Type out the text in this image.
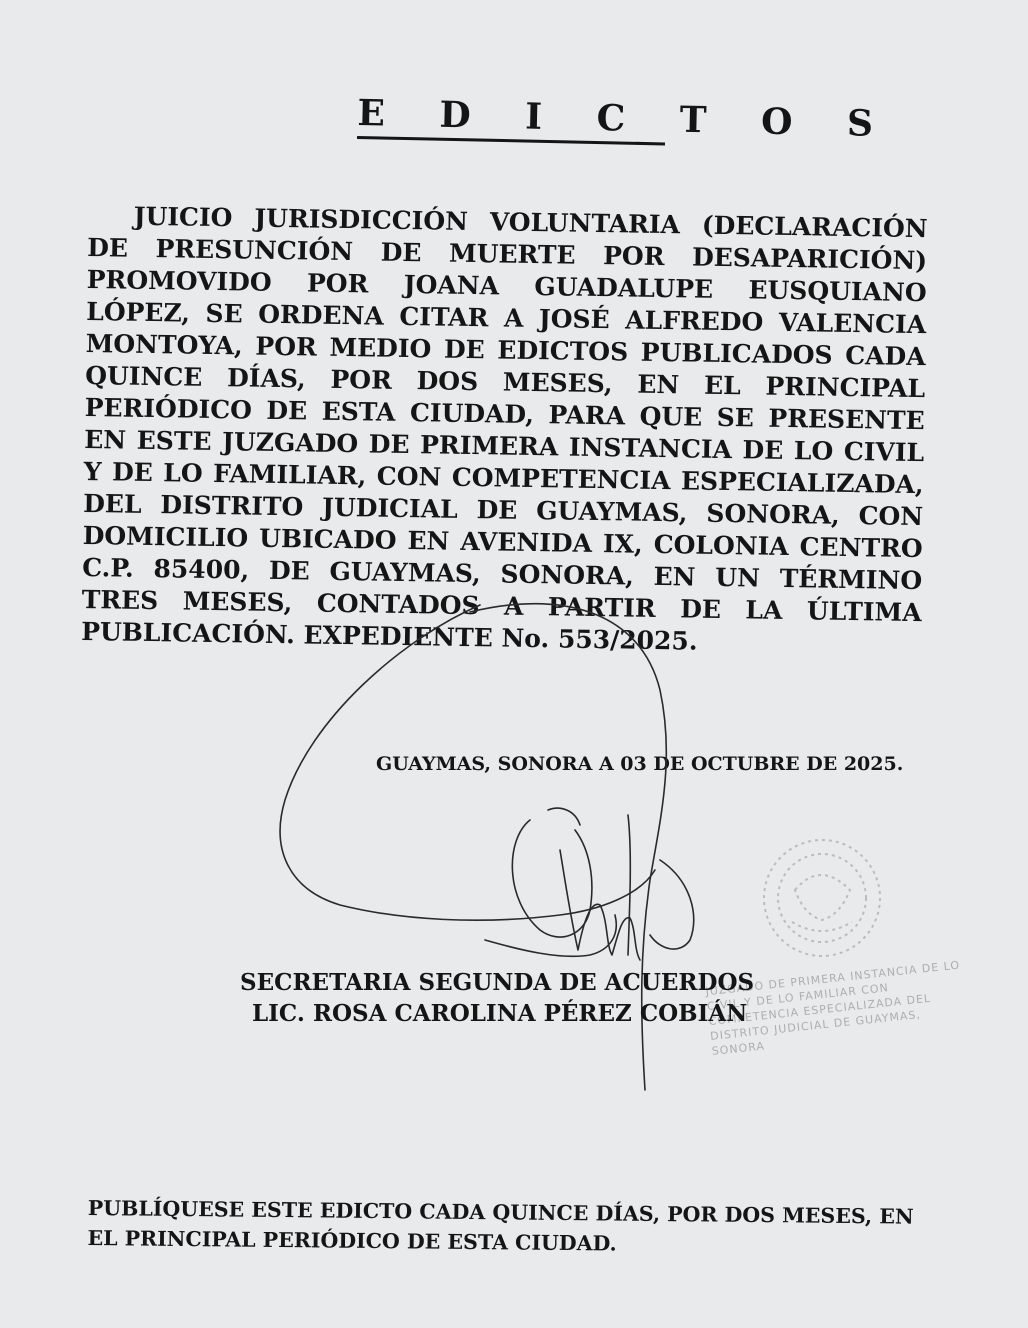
E D I C T O S
JUICIO JURISDICCIÓN VOLUNTARIA (DECLARACIÓN DE PRESUNCIÓN DE MUERTE POR DESAPARICIÓN) PROMOVIDO POR JOANA GUADALUPE EUSQUIANO LÓPEZ, SE ORDENA CITAR A JOSÉ ALFREDO VALENCIA MONTOYA, POR MEDIO DE EDICTOS PUBLICADOS CADA QUINCE DÍAS, POR DOS MESES, EN EL PRINCIPAL PERIÓDICO DE ESTA CIUDAD, PARA QUE SE PRESENTE EN ESTE JUZGADO DE PRIMERA INSTANCIA DE LO CIVIL Y DE LO FAMILIAR, CON COMPETENCIA ESPECIALIZADA, DEL DISTRITO JUDICIAL DE GUAYMAS, SONORA, CON DOMICILIO UBICADO EN AVENIDA IX, COLONIA CENTRO C.P. 85400, DE GUAYMAS, SONORA, EN UN TÉRMINO TRES MESES, CONTADOS A PARTIR DE LA ÚLTIMA PUBLICACIÓN. EXPEDIENTE No. 553/2025.
GUAYMAS, SONORA A 03 DE OCTUBRE DE 2025.
JUZGADO DE PRIMERA INSTANCIA DE LO CIVIL Y DE LO FAMILIAR CON COMPETENCIA ESPECIALIZADA DEL DISTRITO JUDICIAL DE GUAYMAS, SONORA
SECRETARIA SEGUNDA DE ACUERDOS
LIC. ROSA CAROLINA PÉREZ COBIÁN
PUBLÍQUESE ESTE EDICTO CADA QUINCE DÍAS, POR DOS MESES, EN EL PRINCIPAL PERIÓDICO DE ESTA CIUDAD.
